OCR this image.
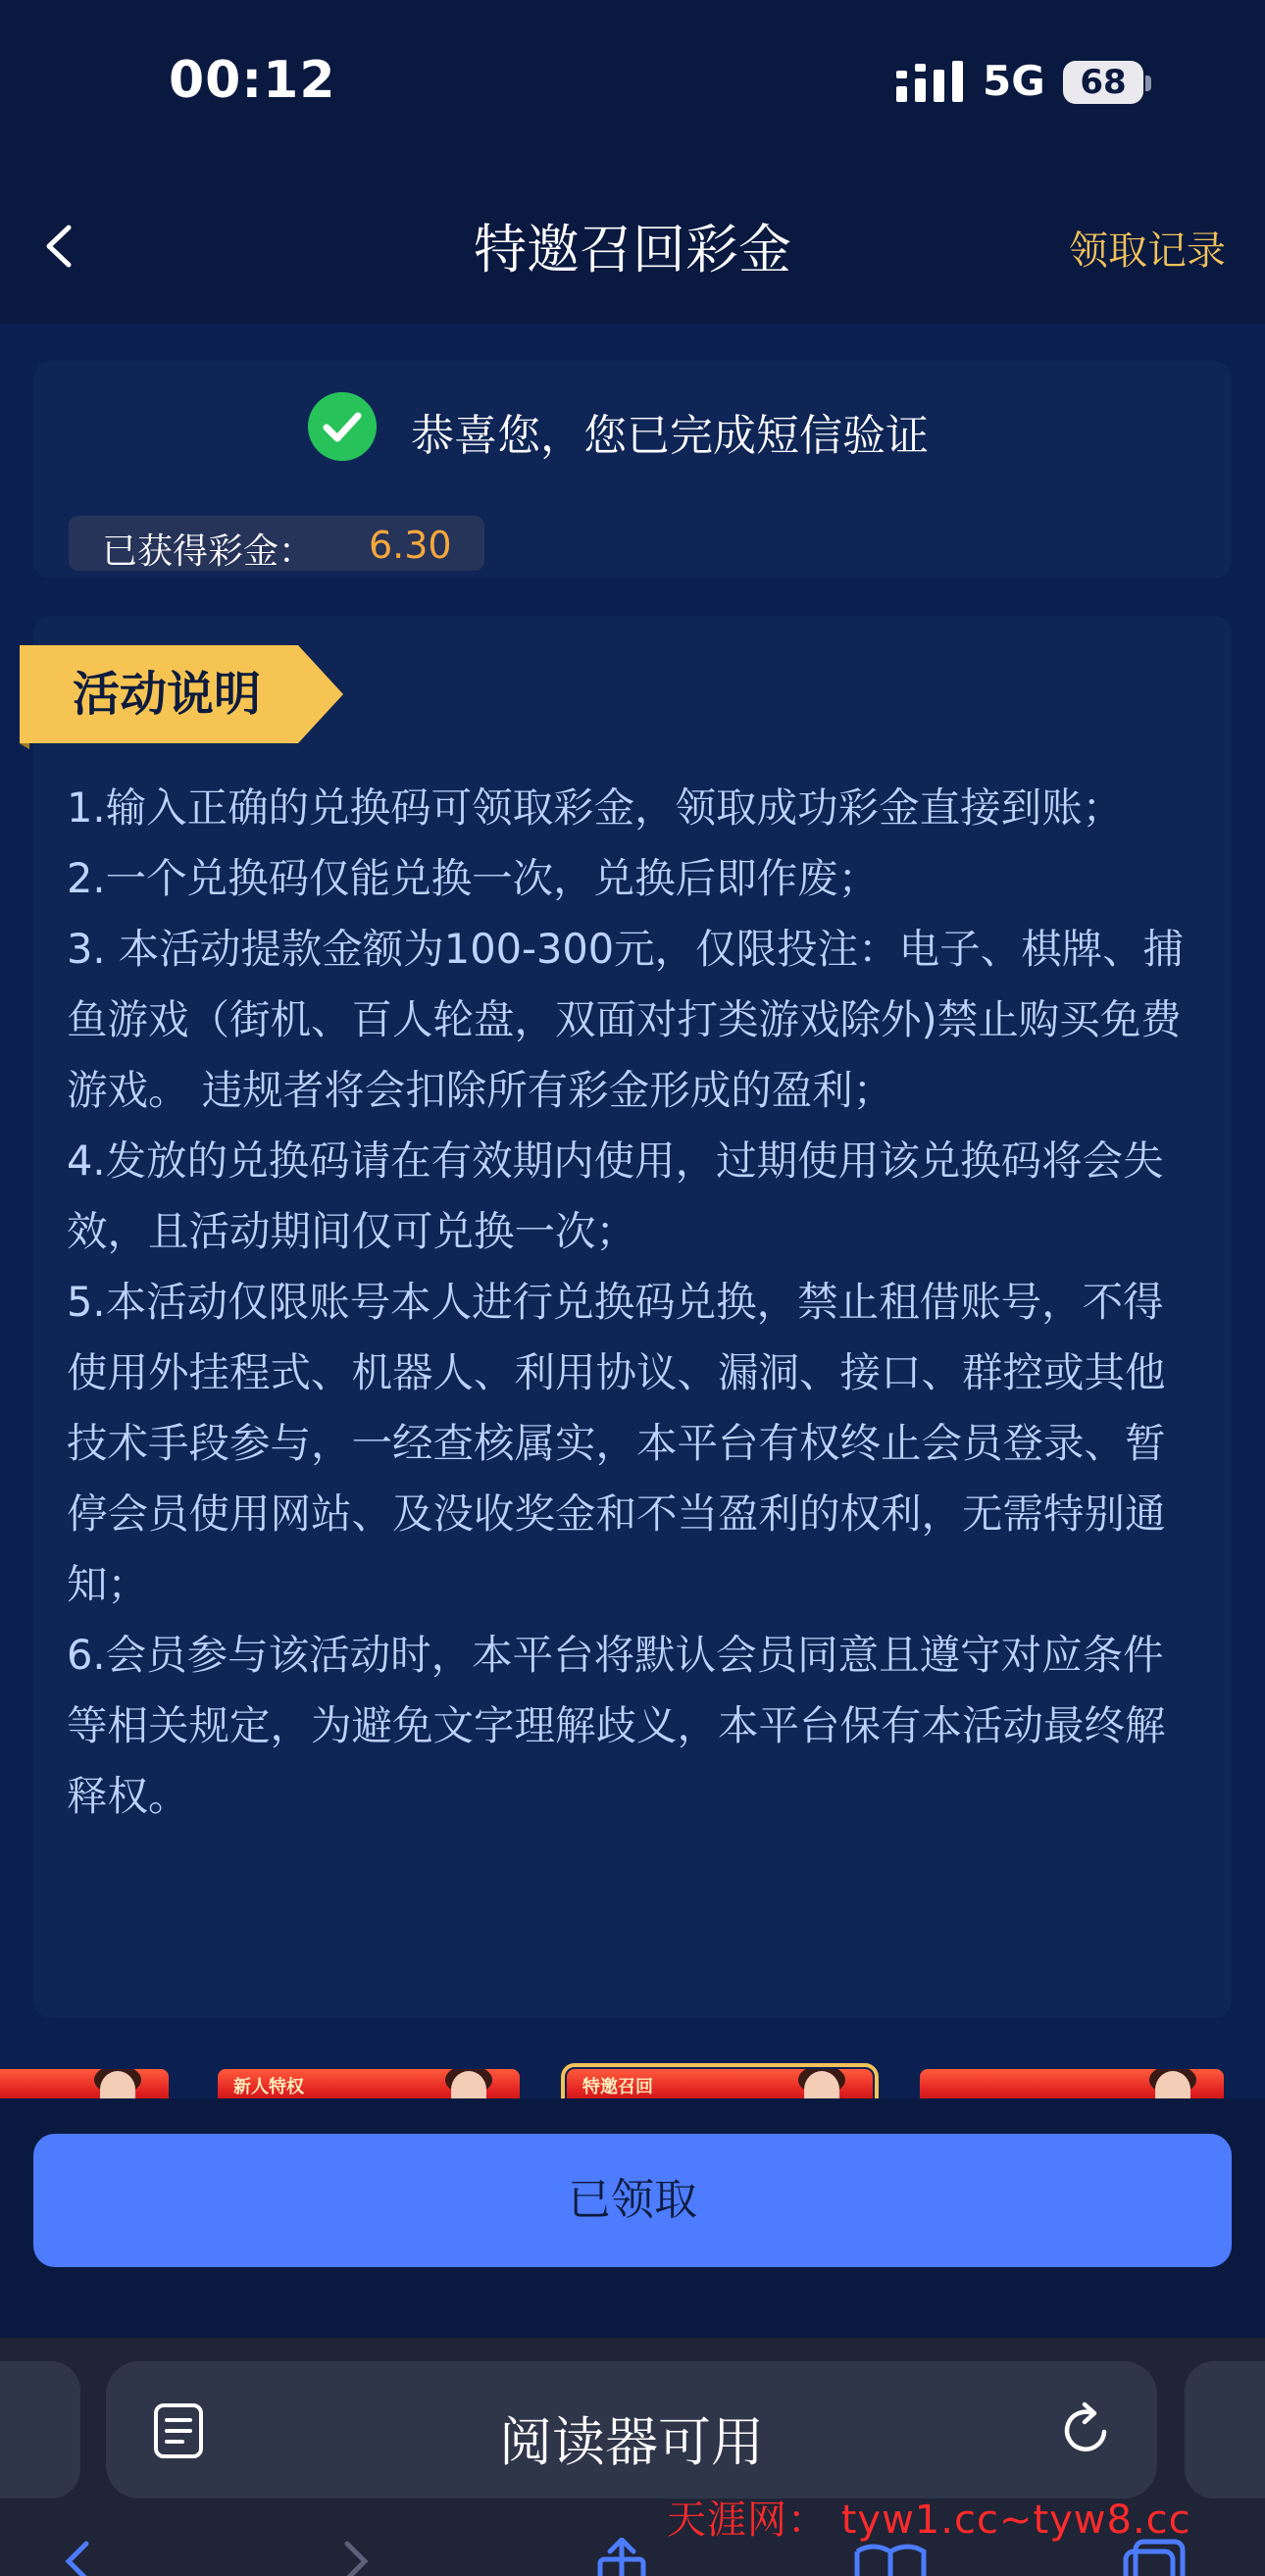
00:12	5G	68
特邀召回彩金	领取记录
恭喜您，您已完成短信验证
已获得彩金： 6.30
活动说明

1.输入正确的兑换码可领取彩金，领取成功彩金直接到账；

2.一个兑换码仅能兑换一次，兑换后即作废；

3. 本活动提款金额为100-300元，仅限投注：电子、棋牌、捕鱼游戏（街机、百人轮盘，双面对打类游戏除外)禁止购买免费游戏。 违规者将会扣除所有彩金形成的盈利；

4.发放的兑换码请在有效期内使用，过期使用该兑换码将会失效，且活动期间仅可兑换一次；

5.本活动仅限账号本人进行兑换码兑换，禁止租借账号，不得使用外挂程式、机器人、利用协议、漏洞、接口、群控或其他技术手段参与，一经查核属实，本平台有权终止会员登录、暂停会员使用网站、及没收奖金和不当盈利的权利，无需特别通知；

6.会员参与该活动时，本平台将默认会员同意且遵守对应条件等相关规定，为避免文字理解歧义，本平台保有本活动最终解释权。

新人特权	特邀召回
已领取
阅读器可用
天涯网： tyw1.cc~tyw8.cc
